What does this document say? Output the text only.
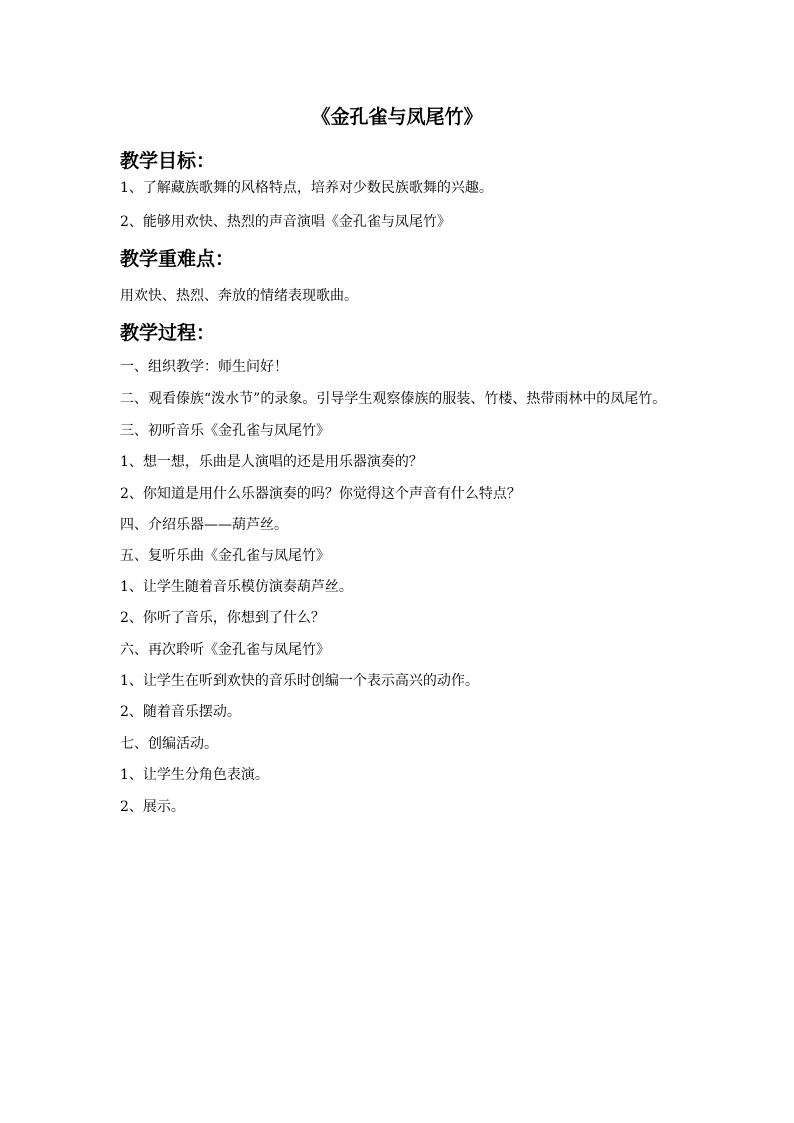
《金孔雀与凤尾竹》
教学目标：
1、了解藏族歌舞的风格特点，培养对少数民族歌舞的兴趣。
2、能够用欢快、热烈的声音演唱《金孔雀与凤尾竹》
教学重难点：
用欢快、热烈、奔放的情绪表现歌曲。
教学过程：
一、组织教学：师生问好！
二、观看傣族“泼水节”的录象。引导学生观察傣族的服装、竹楼、热带雨林中的凤尾竹。
三、初听音乐《金孔雀与凤尾竹》
1、想一想，乐曲是人演唱的还是用乐器演奏的？
2、你知道是用什么乐器演奏的吗？你觉得这个声音有什么特点？
四、介绍乐器——葫芦丝。
五、复听乐曲《金孔雀与凤尾竹》
1、让学生随着音乐模仿演奏葫芦丝。
2、你听了音乐，你想到了什么？
六、再次聆听《金孔雀与凤尾竹》
1、让学生在听到欢快的音乐时创编一个表示高兴的动作。
2、随着音乐摆动。
七、创编活动。
1、让学生分角色表演。
2、展示。
